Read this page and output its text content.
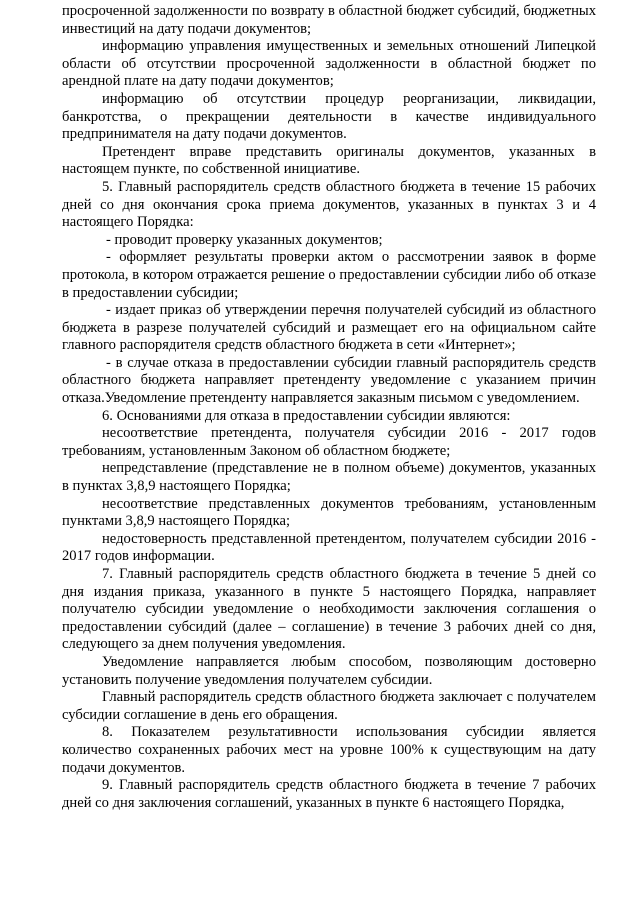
просроченной задолженности по возврату в областной бюджет субсидий, бюджетных инвестиций на дату подачи документов;

информацию управления имущественных и земельных отношений Липецкой области об отсутствии просроченной задолженности в областной бюджет по арендной плате на дату подачи документов;

информацию об отсутствии процедур реорганизации, ликвидации, банкротства, о прекращении деятельности в качестве индивидуального предпринимателя на дату подачи документов.

Претендент вправе представить оригиналы документов, указанных в настоящем пункте, по собственной инициативе.

5. Главный распорядитель средств областного бюджета в течение 15 рабочих дней со дня окончания срока приема документов, указанных в пунктах 3 и 4 настоящего Порядка:

- проводит проверку указанных документов;

- оформляет результаты проверки актом о рассмотрении заявок в форме протокола, в котором отражается решение о предоставлении субсидии либо об отказе в предоставлении субсидии;

- издает приказ об утверждении перечня получателей субсидий из областного бюджета в разрезе получателей субсидий и размещает его на официальном сайте главного распорядителя средств областного бюджета в сети «Интернет»;

- в случае отказа в предоставлении субсидии главный распорядитель средств областного бюджета направляет претенденту уведомление с указанием причин отказа.Уведомление претенденту направляется заказным письмом с уведомлением.

6. Основаниями для отказа в предоставлении субсидии являются:

несоответствие претендента, получателя субсидии 2016 - 2017 годов требованиям, установленным Законом об областном бюджете;

непредставление (представление не в полном объеме) документов, указанных в пунктах 3,8,9 настоящего Порядка;

несоответствие представленных документов требованиям, установленным пунктами 3,8,9 настоящего Порядка;

недостоверность представленной претендентом, получателем субсидии 2016 - 2017 годов информации.

7. Главный распорядитель средств областного бюджета в течение 5 дней со дня издания приказа, указанного в пункте 5 настоящего Порядка, направляет получателю субсидии уведомление о необходимости заключения соглашения о предоставлении субсидий (далее – соглашение) в течение 3 рабочих дней со дня, следующего за днем получения уведомления.

Уведомление направляется любым способом, позволяющим достоверно установить получение уведомления получателем субсидии.

Главный распорядитель средств областного бюджета заключает с получателем субсидии соглашение в день его обращения.

8. Показателем результативности использования субсидии является количество сохраненных рабочих мест на уровне 100% к существующим на дату подачи документов.

9. Главный распорядитель средств областного бюджета в течение 7 рабочих дней со дня заключения соглашений, указанных в пункте 6 настоящего Порядка,
